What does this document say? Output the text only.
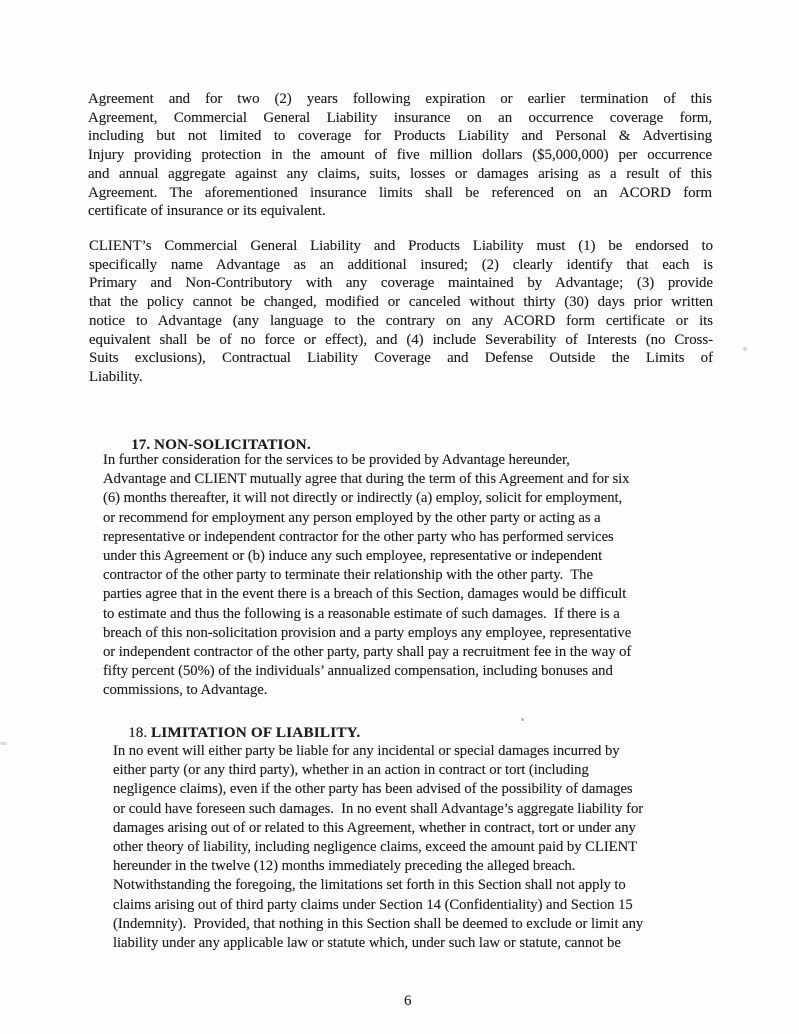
Agreement and for two (2) years following expiration or earlier termination of this
Agreement, Commercial General Liability insurance on an occurrence coverage form,
including but not limited to coverage for Products Liability and Personal & Advertising
Injury providing protection in the amount of five million dollars ($5,000,000) per occurrence
and annual aggregate against any claims, suits, losses or damages arising as a result of this
Agreement. The aforementioned insurance limits shall be referenced on an ACORD form
certificate of insurance or its equivalent.
CLIENT’s Commercial General Liability and Products Liability must (1) be endorsed to
specifically name Advantage as an additional insured; (2) clearly identify that each is
Primary and Non-Contributory with any coverage maintained by Advantage; (3) provide
that the policy cannot be changed, modified or canceled without thirty (30) days prior written
notice to Advantage (any language to the contrary on any ACORD form certificate or its
equivalent shall be of no force or effect), and (4) include Severability of Interests (no Cross-
Suits exclusions), Contractual Liability Coverage and Defense Outside the Limits of
Liability.

17. NON-SOLICITATION.

In further consideration for the services to be provided by Advantage hereunder,
Advantage and CLIENT mutually agree that during the term of this Agreement and for six
(6) months thereafter, it will not directly or indirectly (a) employ, solicit for employment,
or recommend for employment any person employed by the other party or acting as a
representative or independent contractor for the other party who has performed services
under this Agreement or (b) induce any such employee, representative or independent
contractor of the other party to terminate their relationship with the other party.  The
parties agree that in the event there is a breach of this Section, damages would be difficult
to estimate and thus the following is a reasonable estimate of such damages.  If there is a
breach of this non-solicitation provision and a party employs any employee, representative
or independent contractor of the other party, party shall pay a recruitment fee in the way of
fifty percent (50%) of the individuals’ annualized compensation, including bonuses and
commissions, to Advantage.

18. LIMITATION OF LIABILITY.

In no event will either party be liable for any incidental or special damages incurred by
either party (or any third party), whether in an action in contract or tort (including
negligence claims), even if the other party has been advised of the possibility of damages
or could have foreseen such damages.  In no event shall Advantage’s aggregate liability for
damages arising out of or related to this Agreement, whether in contract, tort or under any
other theory of liability, including negligence claims, exceed the amount paid by CLIENT
hereunder in the twelve (12) months immediately preceding the alleged breach.
Notwithstanding the foregoing, the limitations set forth in this Section shall not apply to
claims arising out of third party claims under Section 14 (Confidentiality) and Section 15
(Indemnity).  Provided, that nothing in this Section shall be deemed to exclude or limit any
liability under any applicable law or statute which, under such law or statute, cannot be
6
